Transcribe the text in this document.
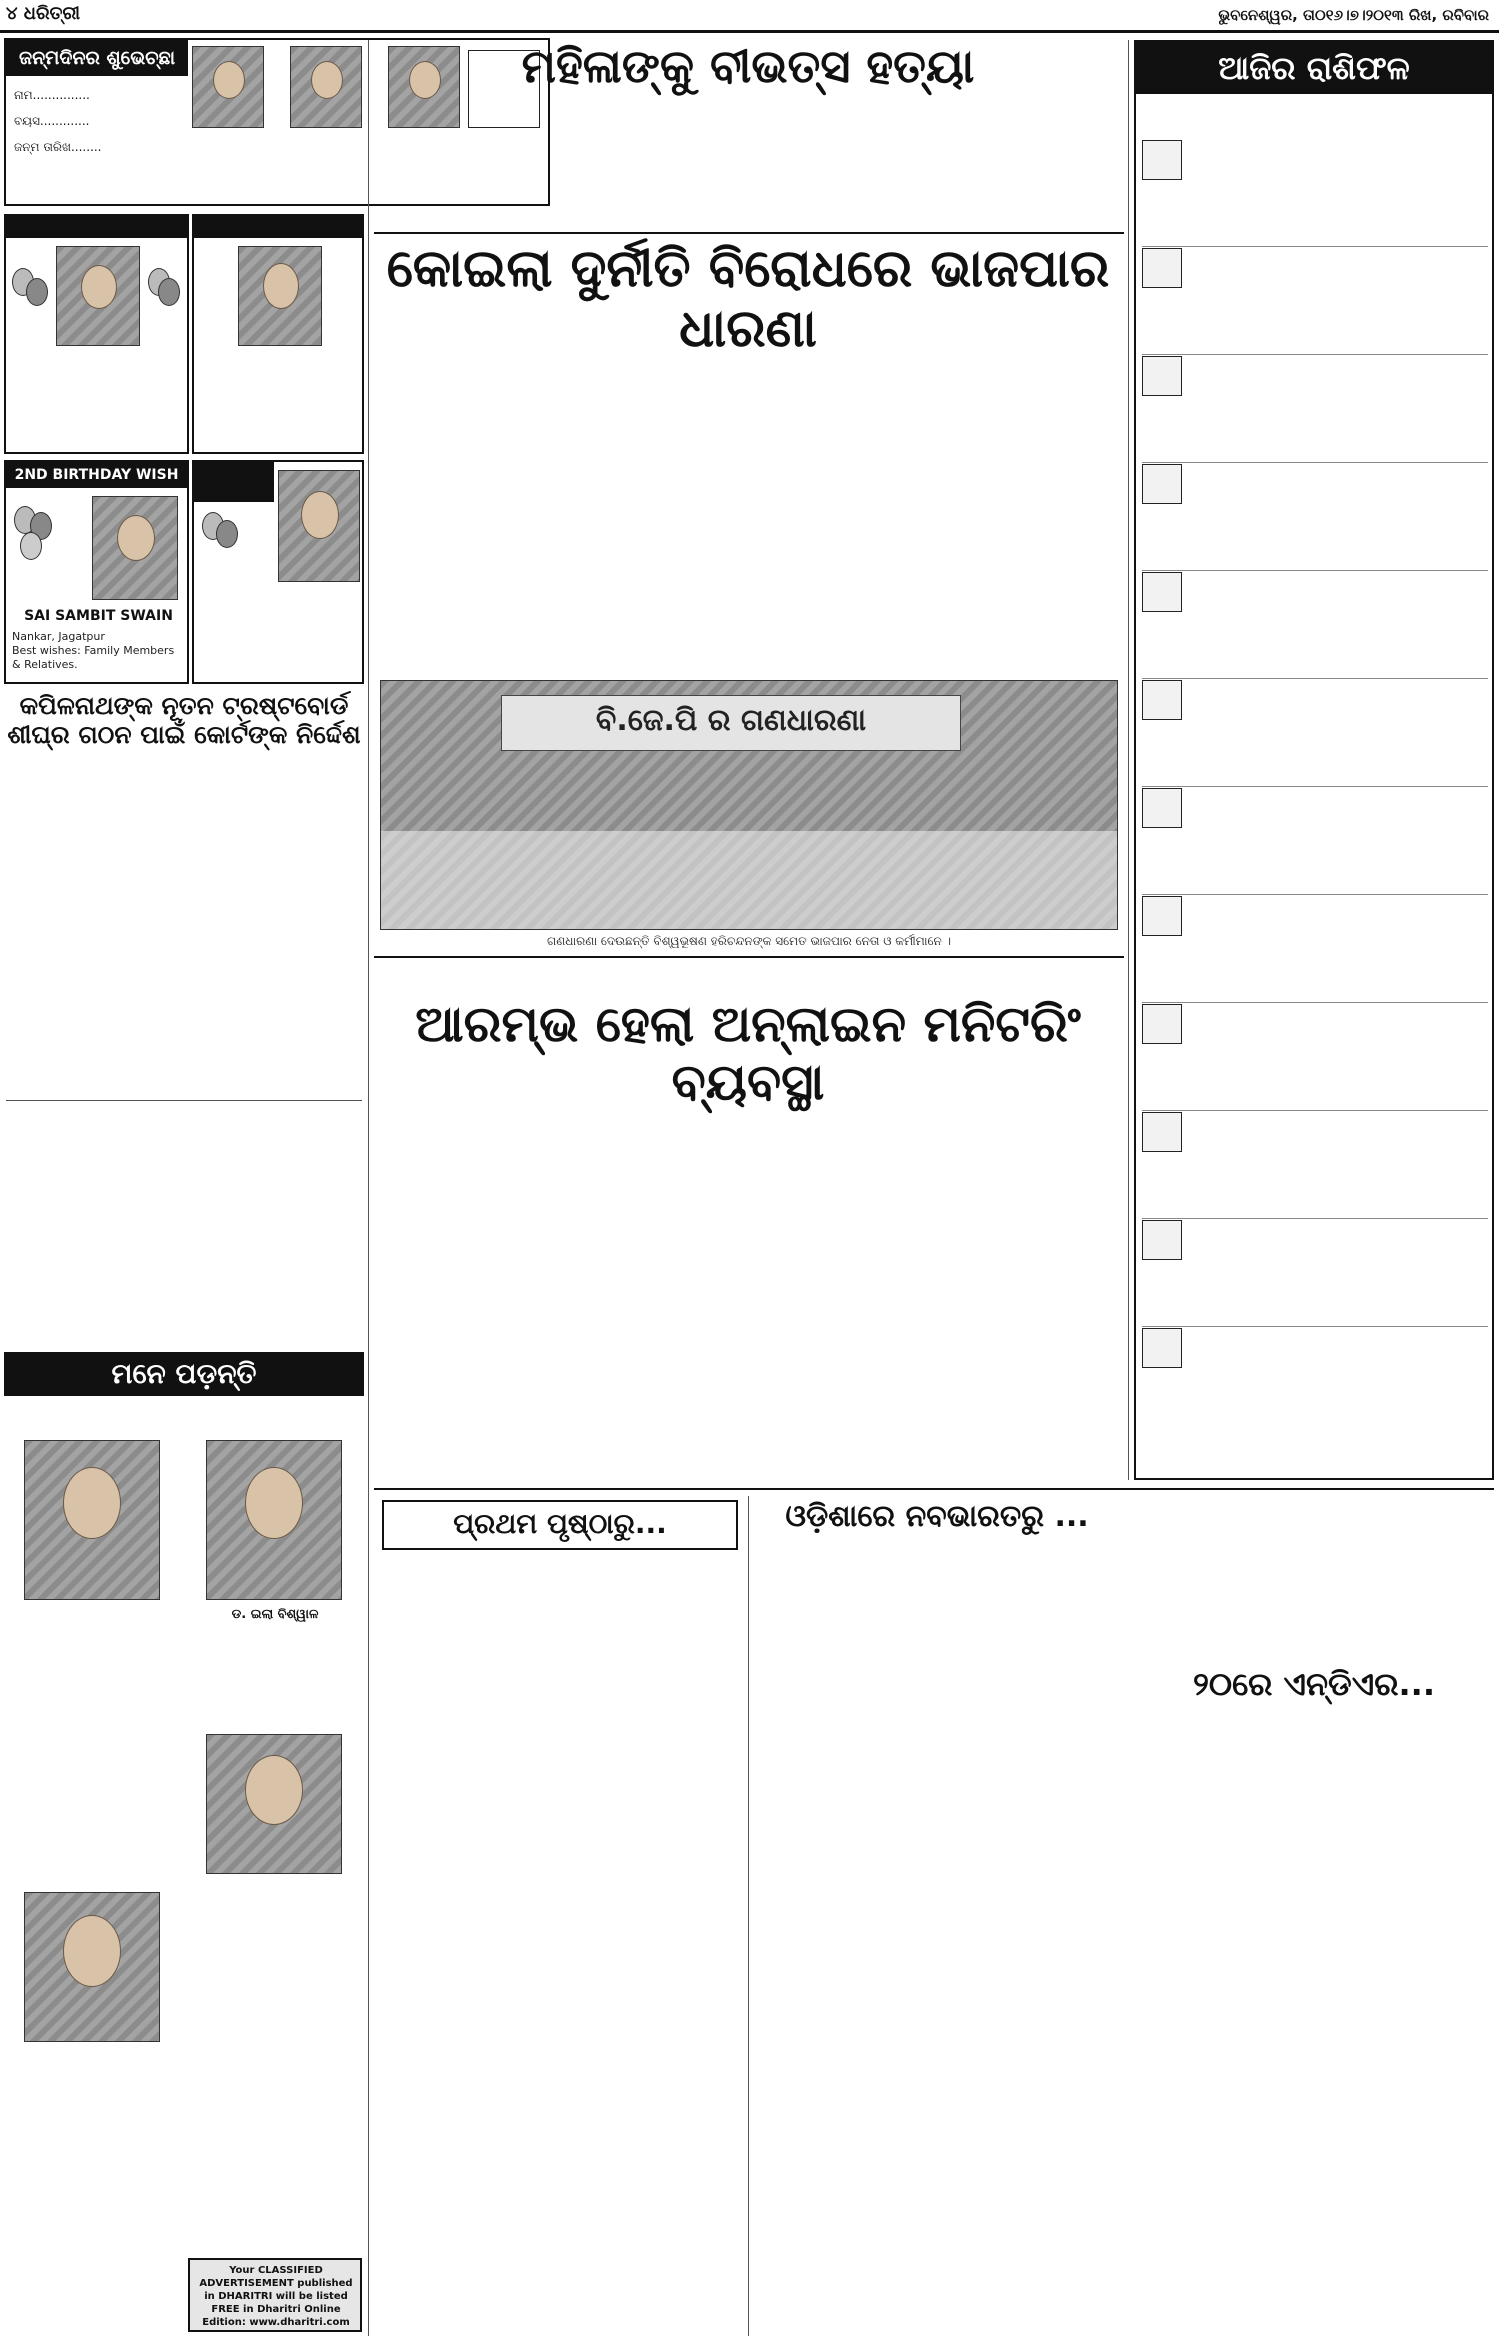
୪ ଧରିତ୍ରୀ	ଭୁବନେଶ୍ୱର, ତା୦୧୬।୭।୨୦୧୩ ରିଖ, ରବିବାର
ଜନ୍ମଦିନର ଶୁଭେଚ୍ଛା
ନାମ...............
ବୟସ.............
ଜନ୍ମ ତାରିଖ........
2ND BIRTHDAY WISH
SAI SAMBIT SWAIN
Nankar, Jagatpur
Best wishes: Family Members
& Relatives.
କପିଳନାଥଙ୍କ ନୂତନ ଟ୍ରଷ୍ଟବୋର୍ଡ ଶୀଘ୍ର ଗଠନ ପାଇଁ କୋର୍ଟଙ୍କ ନିର୍ଦ୍ଦେଶ
ମନେ ପଡ଼ନ୍ତି
ଡ. ଇଲା ବିଶ୍ୱାଳ
Your CLASSIFIED ADVERTISEMENT published in DHARITRI will be listed FREE in Dharitri Online Edition: www.dharitri.com
ମହିଳାଙ୍କୁ ବୀଭତ୍ସ ହତ୍ୟା
କୋଇଲା ଦୁର୍ନୀତି ବିରୋଧରେ ଭାଜପାର ଧାରଣା
ବି.ଜେ.ପି ର ଗଣଧାରଣା
ଗଣଧାରଣା ଦେଉଛନ୍ତି ବିଶ୍ୱଭୂଷଣ ହରିଚନ୍ଦନଙ୍କ ସମେତ ଭାଜପାର ନେତା ଓ କର୍ମୀମାନେ ।
ଆରମ୍ଭ ହେଲା ଅନ୍‌ଲାଇନ ମନିଟରିଂ ବ୍ୟବସ୍ଥା
ପ୍ରଥମ ପୃଷ୍ଠାରୁ...	ଓଡ଼ିଶାରେ ନବଭାରତରୁ ...
ଆଜିର ରାଶିଫଳ
୨୦ରେ ଏନ୍‌ଡିଏର...
